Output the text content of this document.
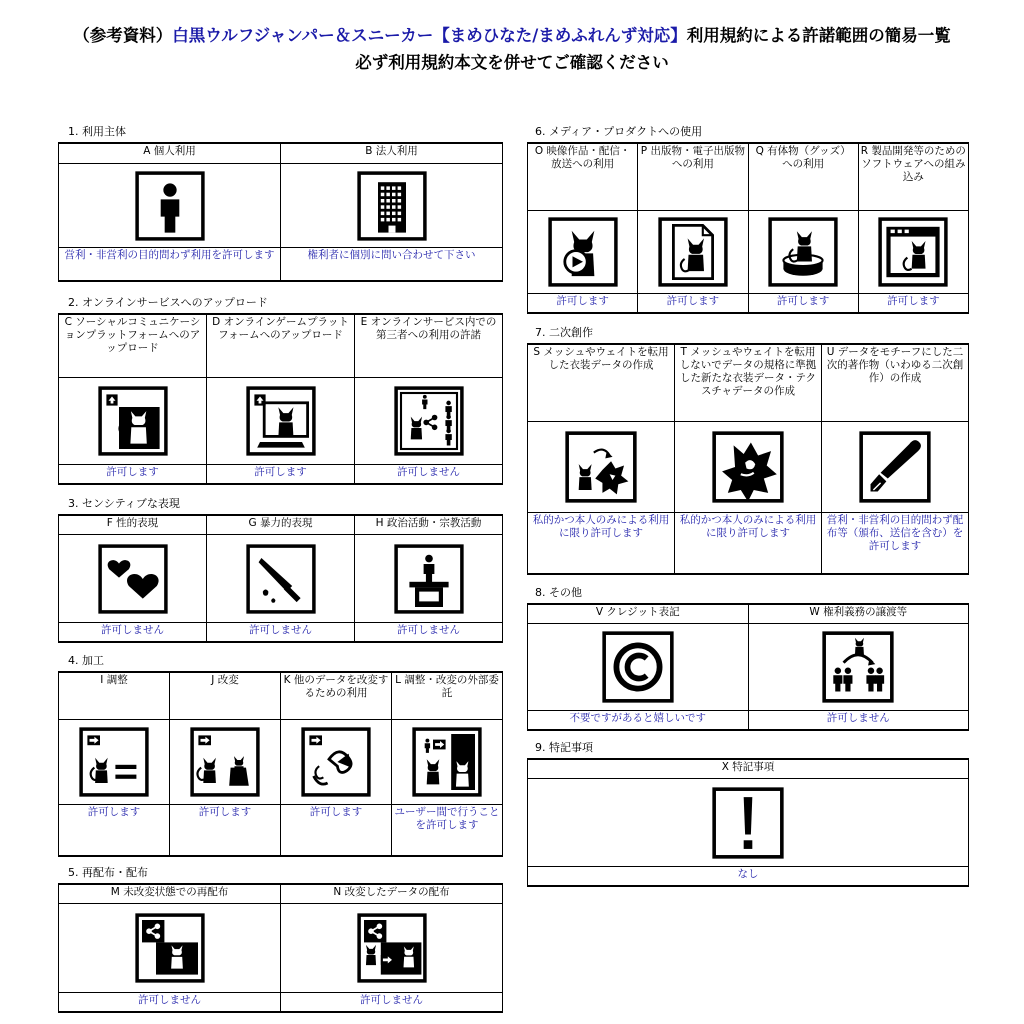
（参考資料）白黒ウルフジャンパー＆スニーカー【まめひなた/まめふれんず対応】利用規約による許諾範囲の簡易一覧
必ず利用規約本文を併せてご確認ください
1. 利用主体
A 個人利用	B 法人利用

営利・非営利の目的問わず利用を許可します	権利者に個別に問い合わせて下さい
2. オンラインサービスへのアップロード
C ソーシャルコミュニケーションプラットフォームへのアップロード	D オンラインゲームプラットフォームへのアップロード	E オンラインサービス内での第三者への利用の許諾

許可します	許可します	許可しません
3. センシティブな表現
F 性的表現	G 暴力的表現	H 政治活動・宗教活動

許可しません	許可しません	許可しません
4. 加工
I 調整	J 改変	K 他のデータを改変するための利用	L 調整・改変の外部委託

許可します	許可します	許可します	ユーザー間で行うことを許可します
5. 再配布・配布
M 未改変状態での再配布	N 改変したデータの配布

許可しません	許可しません
6. メディア・プロダクトへの使用
O 映像作品・配信・放送への利用	P 出版物・電子出版物への利用	Q 有体物（グッズ）への利用	R 製品開発等のためのソフトウェアへの組み込み

許可します	許可します	許可します	許可します
7. 二次創作
S メッシュやウェイトを転用した衣装データの作成	T メッシュやウェイトを転用しないでデータの規格に準拠した新たな衣装データ・テクスチャデータの作成	U データをモチーフにした二次的著作物（いわゆる二次創作）の作成

私的かつ本人のみによる利用に限り許可します	私的かつ本人のみによる利用に限り許可します	営利・非営利の目的問わず配布等（頒布、送信を含む）を許可します
8. その他
V クレジット表記	W 権利義務の譲渡等

不要ですがあると嬉しいです	許可しません
9. 特記事項
X 特記事項

なし
